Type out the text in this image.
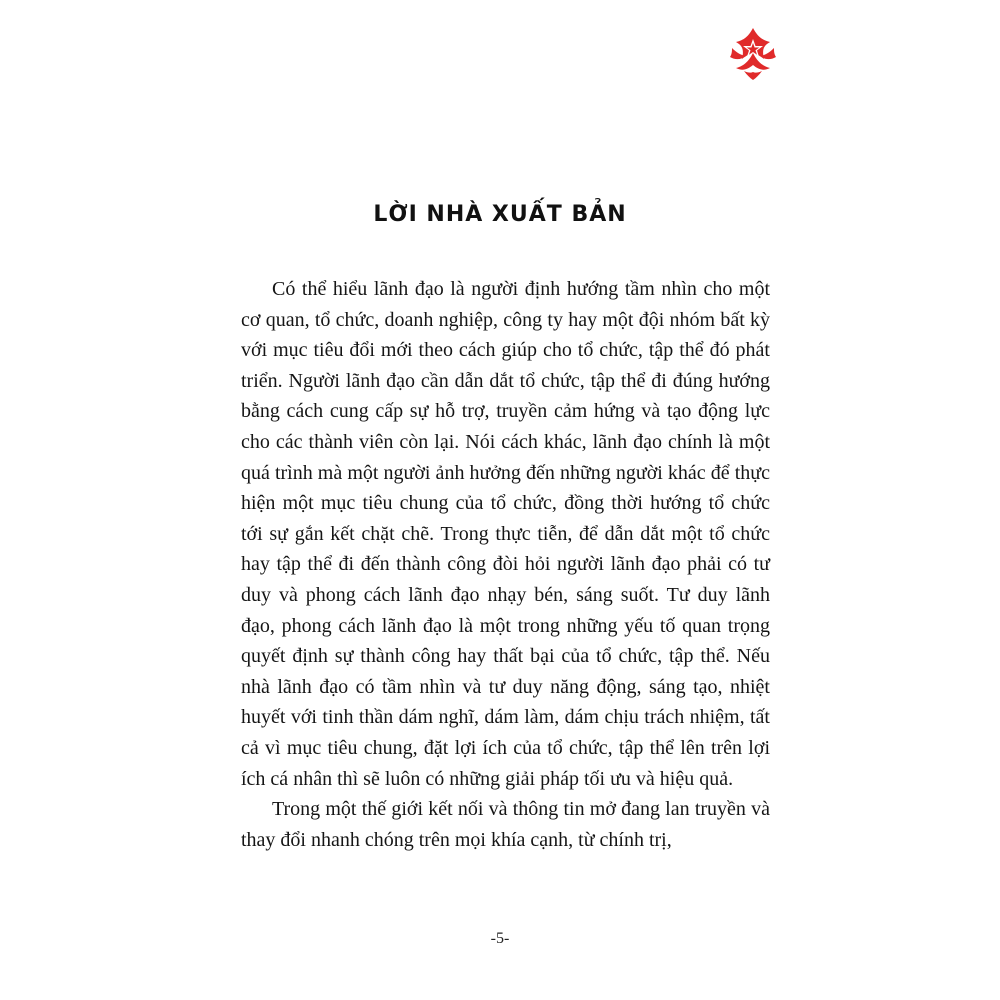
LỜI NHÀ XUẤT BẢN

Có thể hiểu lãnh đạo là người định hướng tầm nhìn cho một cơ quan, tổ chức, doanh nghiệp, công ty hay một đội nhóm bất kỳ với mục tiêu đổi mới theo cách giúp cho tổ chức, tập thể đó phát triển. Người lãnh đạo cần dẫn dắt tổ chức, tập thể đi đúng hướng bằng cách cung cấp sự hỗ trợ, truyền cảm hứng và tạo động lực cho các thành viên còn lại. Nói cách khác, lãnh đạo chính là một quá trình mà một người ảnh hưởng đến những người khác để thực hiện một mục tiêu chung của tổ chức, đồng thời hướng tổ chức tới sự gắn kết chặt chẽ. Trong thực tiễn, để dẫn dắt một tổ chức hay tập thể đi đến thành công đòi hỏi người lãnh đạo phải có tư duy và phong cách lãnh đạo nhạy bén, sáng suốt. Tư duy lãnh đạo, phong cách lãnh đạo là một trong những yếu tố quan trọng quyết định sự thành công hay thất bại của tổ chức, tập thể. Nếu nhà lãnh đạo có tầm nhìn và tư duy năng động, sáng tạo, nhiệt huyết với tinh thần dám nghĩ, dám làm, dám chịu trách nhiệm, tất cả vì mục tiêu chung, đặt lợi ích của tổ chức, tập thể lên trên lợi ích cá nhân thì sẽ luôn có những giải pháp tối ưu và hiệu quả.

Trong một thế giới kết nối và thông tin mở đang lan truyền và thay đổi nhanh chóng trên mọi khía cạnh, từ chính trị,

-5-
